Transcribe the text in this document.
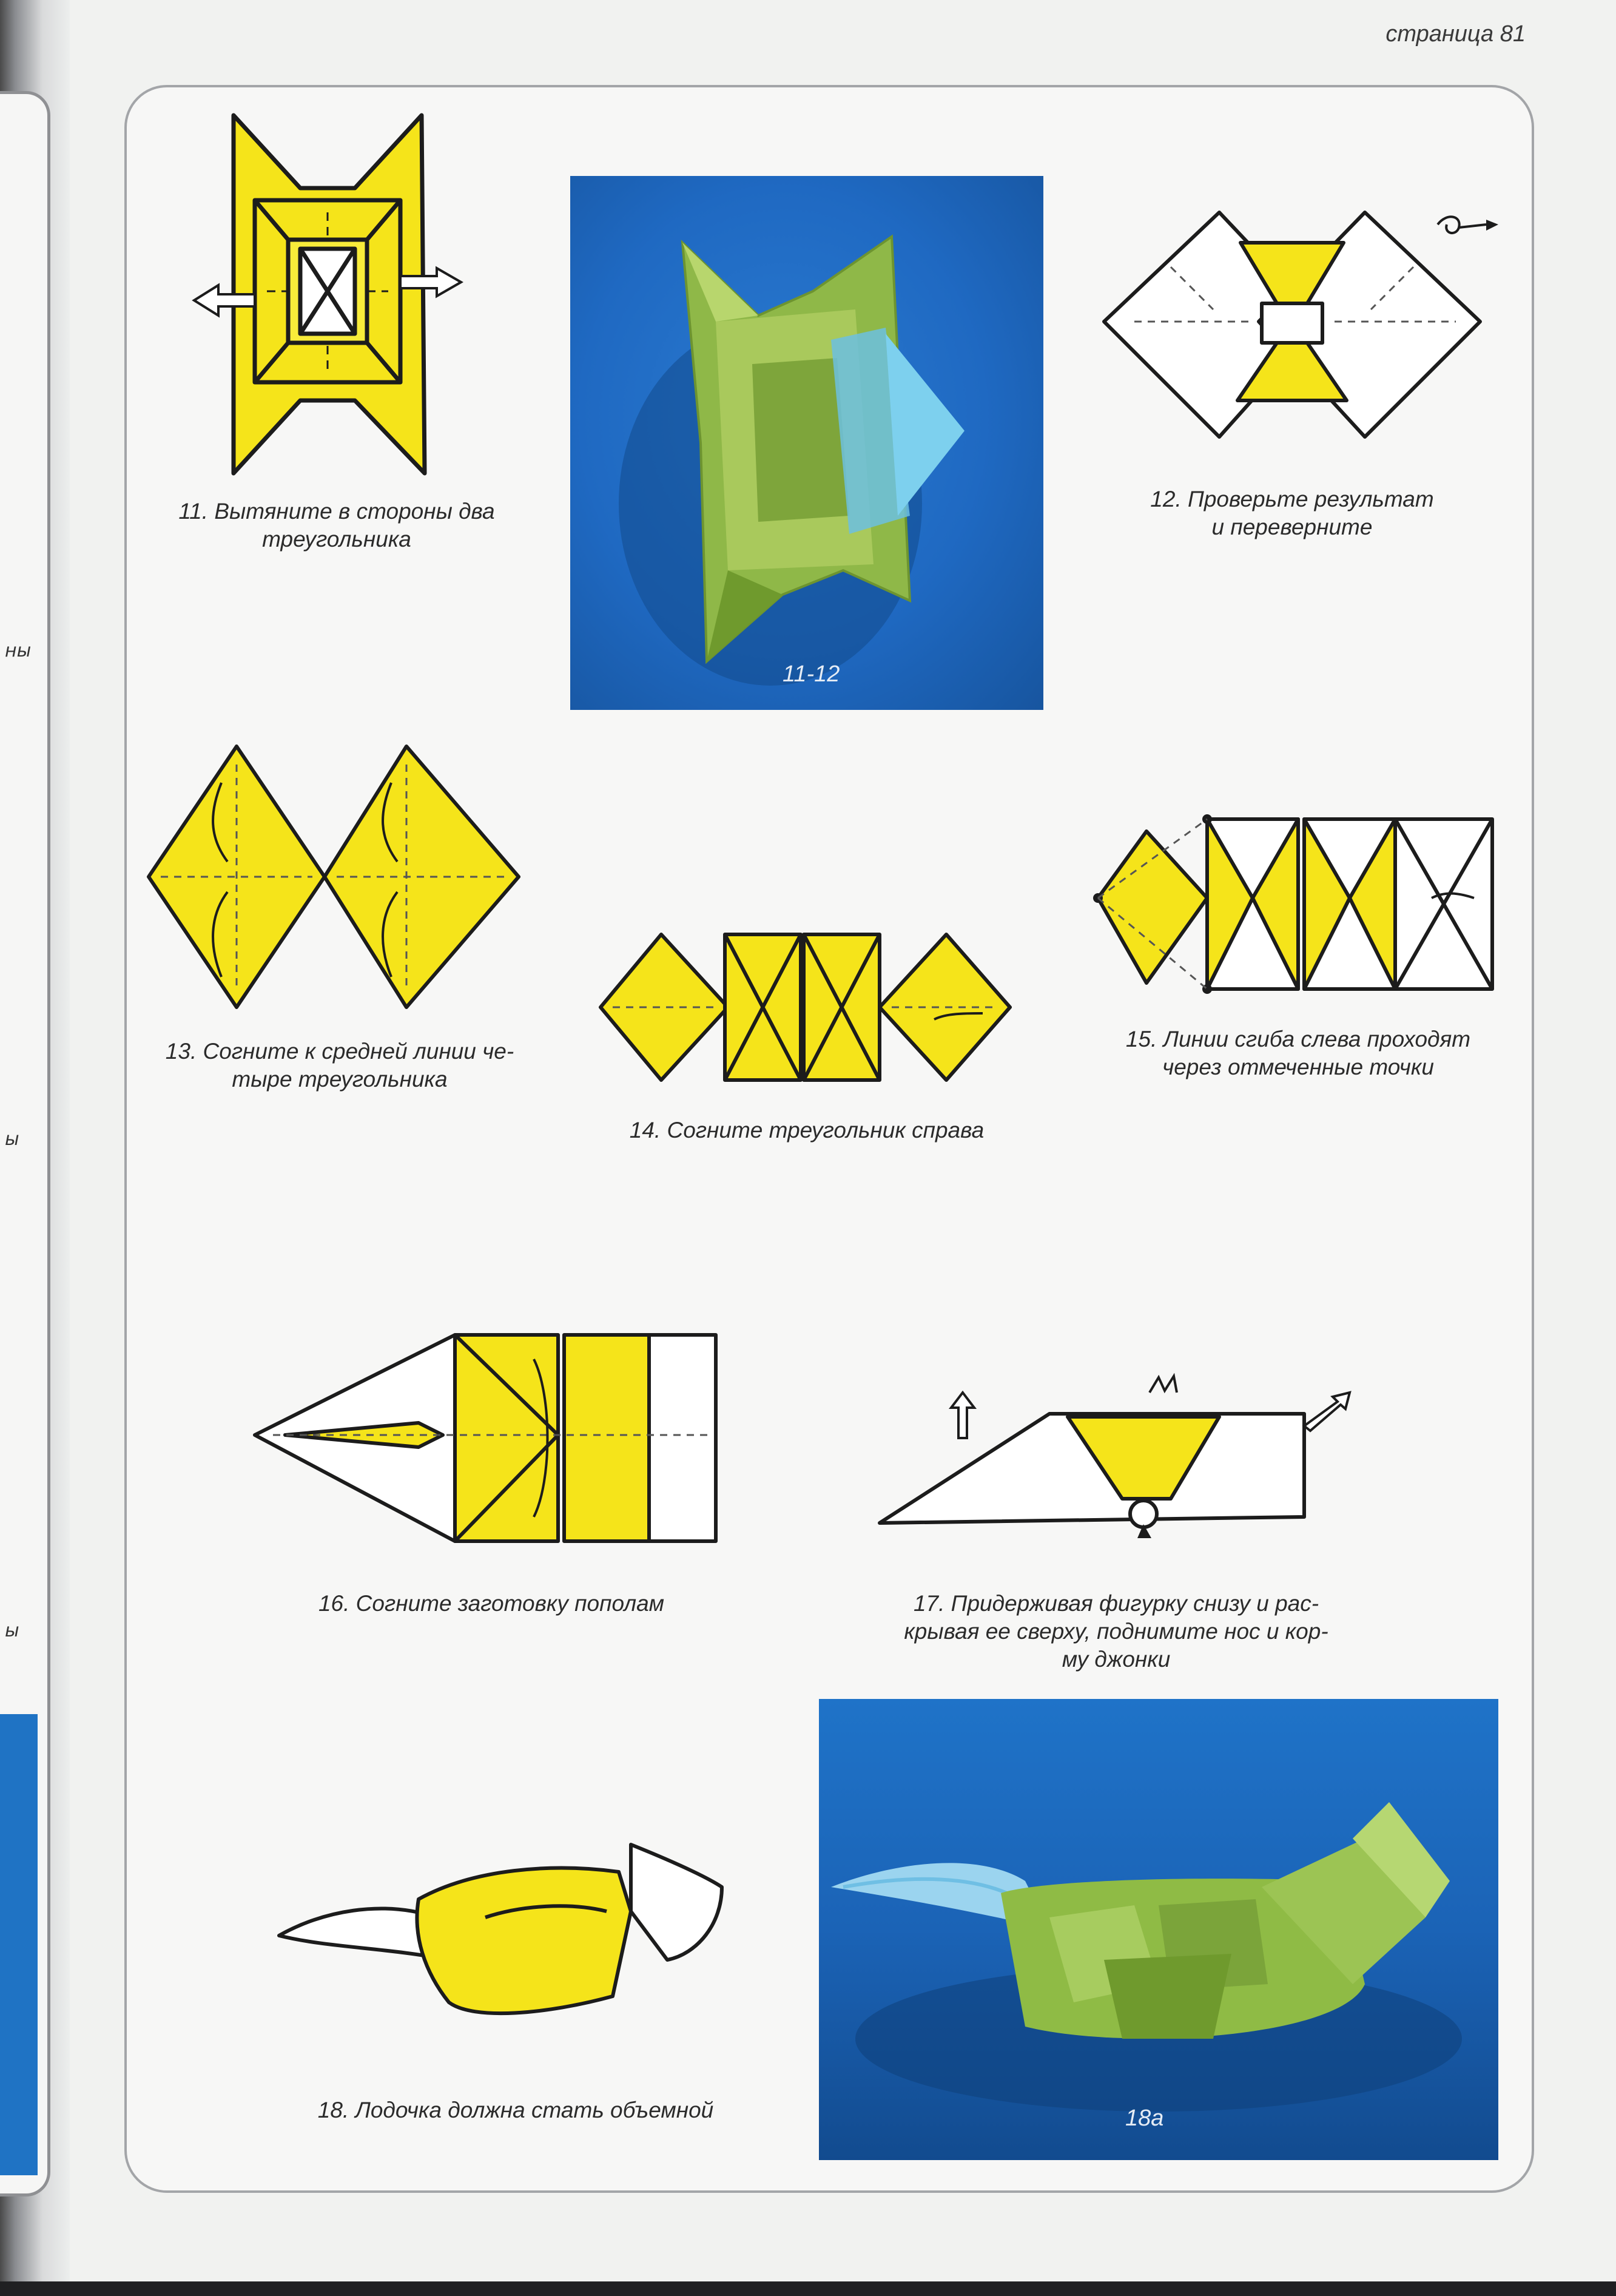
ны
ы
ы
страница 81
11. Вытяните в стороны два
треугольника
11-12
12. Проверьте результат
и переверните
13. Согните к средней линии че-
тыре треугольника
14. Согните треугольник справа
15. Линии сгиба слева проходят
через отмеченные точки
16. Согните заготовку пополам	17. Придерживая фигурку снизу и рас-
крывая ее сверху, поднимите нос и кор-
му джонки
18. Лодочка должна стать объемной	18а
